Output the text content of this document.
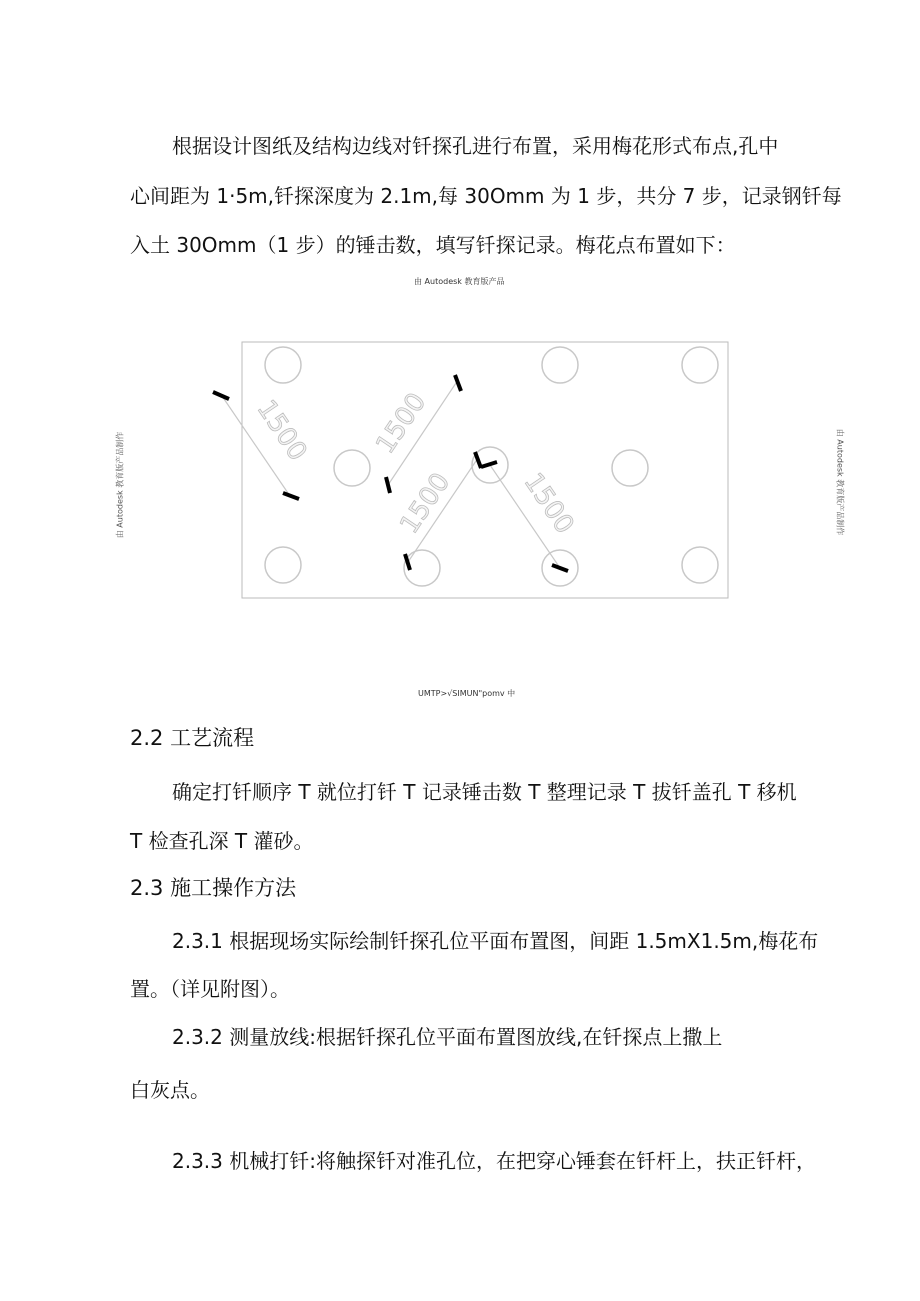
根据设计图纸及结构边线对钎探孔进行布置，采用梅花形式布点,孔中
心间距为 1·5m,钎探深度为 2.1m,每 30Omm 为 1 步，共分 7 步，记录钢钎每
入土 30Omm（1 步）的锤击数，填写钎探记录。梅花点布置如下：
由 Autodesk 教育版产品
由 Autodesk 教育版产品制作	由 Autodesk 教育版产品制作
1500 1500
1500 1500
UMTP>√SIMUN"pomv 中
2.2 工艺流程
确定打钎顺序 T 就位打钎 T 记录锤击数 T 整理记录 T 拔钎盖孔 T 移机
T 检查孔深 T 灌砂。
2.3 施工操作方法
2.3.1 根据现场实际绘制钎探孔位平面布置图，间距 1.5mX1.5m,梅花布
置。（详见附图）。
2.3.2 测量放线:根据钎探孔位平面布置图放线,在钎探点上撒上
白灰点。
2.3.3 机械打钎:将触探钎对准孔位，在把穿心锤套在钎杆上，扶正钎杆，
